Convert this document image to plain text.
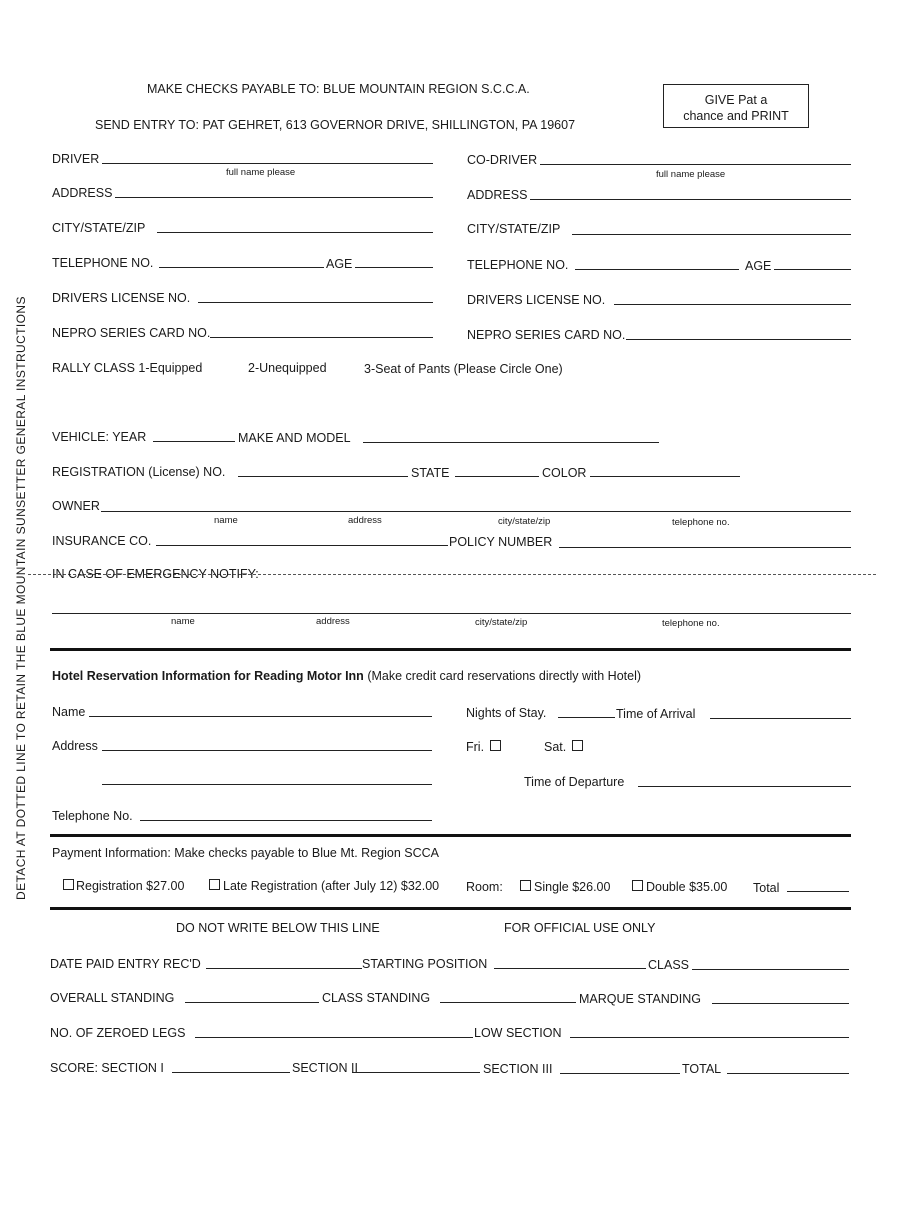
MAKE CHECKS PAYABLE TO: BLUE MOUNTAIN REGION S.C.C.A.
SEND ENTRY TO: PAT GEHRET, 613 GOVERNOR DRIVE, SHILLINGTON, PA 19607
GIVE Pat a
chance and PRINT
DETACH AT DOTTED LINE TO RETAIN THE BLUE MOUNTAIN SUNSETTER GENERAL INSTRUCTIONS
DRIVER
full name please
ADDRESS
CITY/STATE/ZIP
TELEPHONE NO.	AGE
DRIVERS LICENSE NO.
NEPRO SERIES CARD NO.
CO-DRIVER
full name please
ADDRESS
CITY/STATE/ZIP
TELEPHONE NO.	AGE
DRIVERS LICENSE NO.
NEPRO SERIES CARD NO.
RALLY CLASS 1-Equipped	2-Unequipped	3-Seat of Pants (Please Circle One)
VEHICLE: YEAR	MAKE AND MODEL
REGISTRATION (License) NO.	STATE	COLOR
OWNER
name	address	city/state/zip	telephone no.
INSURANCE CO.	POLICY NUMBER
IN CASE OF EMERGENCY NOTIFY:
name	address	city/state/zip	telephone no.
Hotel Reservation Information for Reading Motor Inn (Make credit card reservations directly with Hotel)
Name
Address
Telephone No.
Nights of Stay.	Time of Arrival
Fri.	Sat.
Time of Departure
Payment Information: Make checks payable to Blue Mt. Region SCCA
Registration $27.00	Late Registration (after July 12) $32.00 Room: Single $26.00	Double $35.00 Total
DO NOT WRITE BELOW THIS LINE	FOR OFFICIAL USE ONLY
DATE PAID ENTRY REC'D	STARTING POSITION	CLASS
OVERALL STANDING	CLASS STANDING	MARQUE STANDING
NO. OF ZEROED LEGS	LOW SECTION
SCORE: SECTION I	SECTION II	SECTION III	TOTAL
